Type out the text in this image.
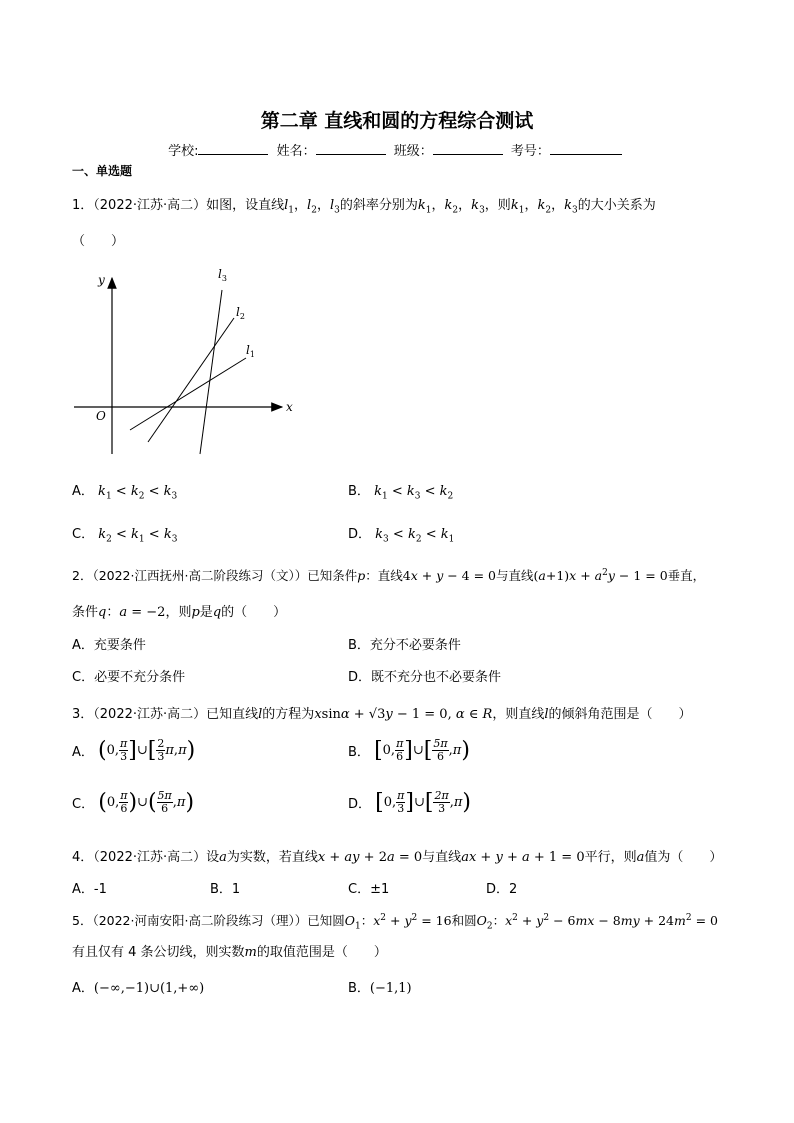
第二章 直线和圆的方程综合测试
学校:	姓名：	班级：	考号：
一、单选题
1．（2022·江苏·高二）如图，设直线$l_1$，$l_2$，$l_3$的斜率分别为$k_1$，$k_2$，$k_3$，则$k_1$，$k_2$，$k_3$的大小关系为
（　　）
y
x
O
$l_1$
$l_2$
$l_3$
A． $k_1 < k_2 < k_3$	B． $k_1 < k_3 < k_2$
C． $k_2 < k_1 < k_3$	D． $k_3 < k_2 < k_1$
2．（2022·江西抚州·高二阶段练习（文））已知条件p：直线4x + y − 4 = 0与直线$(a+1)x + a^2y - 1 = 0$垂直，
条件q：a = −2，则p是q的（　　）
A．充要条件	B．充分不必要条件
C．必要不充分条件	D．既不充分也不必要条件
3．（2022·江苏·高二）已知直线l的方程为xsinα + √3y − 1 = 0, α ∈ R，则直线l的倾斜角范围是（　　）
A． (0, $\frac{\pi}{3}$ ]∪[ $\frac{2}{3} \pi,\pi$)	B． [0, $\frac{\pi}{6}$ ]∪[ $\frac{5\pi}{6} ,\pi$)
C． (0, $\frac{\pi}{6}$ )∪( $\frac{5\pi}{6} ,\pi$)	D． [0, $\frac{\pi}{3}$ ]∪[ $\frac{2\pi}{3} ,\pi$)
4．（2022·江苏·高二）设a为实数，若直线x + ay + 2a = 0与直线ax + y + a + 1 = 0平行，则a值为（　　）
A．-1	B．1	C．±1	D．2
5．（2022·河南安阳·高二阶段练习（理））已知圆$O_1$：$x^2 + y^2 = 16$和圆$O_2$：$x^2 + y^2 - 6mx - 8my + 24m^2 = 0$
有且仅有 4 条公切线，则实数m的取值范围是（　　）
A．(−∞,−1)∪(1,+∞)	B．(−1,1)
